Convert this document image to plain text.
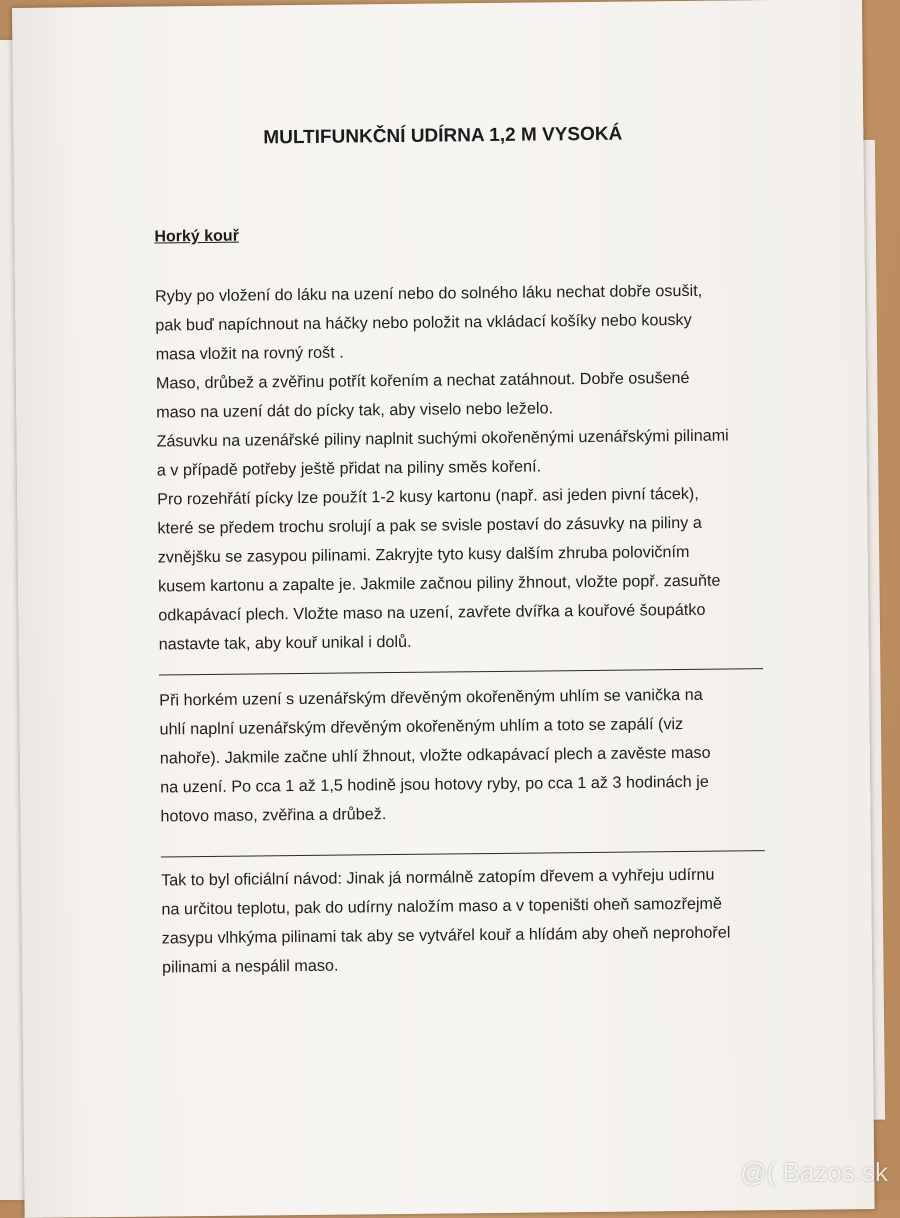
MULTIFUNKČNÍ UDÍRNA 1,2 M VYSOKÁ
Horký kouř

Ryby po vložení do láku na uzení nebo do solného láku nechat dobře osušit,
pak buď napíchnout na háčky nebo položit na vkládací košíky nebo kousky
masa vložit na rovný rošt .
Maso, drůbež a zvěřinu potřít kořením a nechat zatáhnout. Dobře osušené
maso na uzení dát do pícky tak, aby viselo nebo leželo.
Zásuvku na uzenářské piliny naplnit suchými okořeněnými uzenářskými pilinami
a v případě potřeby ještě přidat na piliny směs koření.
Pro rozehřátí pícky lze použít 1-2 kusy kartonu (např. asi jeden pivní tácek),
které se předem trochu srolují a pak se svisle postaví do zásuvky na piliny a
zvnějšku se zasypou pilinami. Zakryjte tyto kusy dalším zhruba polovičním
kusem kartonu a zapalte je. Jakmile začnou piliny žhnout, vložte popř. zasuňte
odkapávací plech. Vložte maso na uzení, zavřete dvířka a kouřové šoupátko
nastavte tak, aby kouř unikal i dolů.

Při horkém uzení s uzenářským dřevěným okořeněným uhlím se vanička na
uhlí naplní uzenářským dřevěným okořeněným uhlím a toto se zapálí (viz
nahoře). Jakmile začne uhlí žhnout, vložte odkapávací plech a zavěste maso
na uzení. Po cca 1 až 1,5 hodině jsou hotovy ryby, po cca 1 až 3 hodinách je
hotovo maso, zvěřina a drůbež.

Tak to byl oficiální návod: Jinak já normálně zatopím dřevem a vyhřeju udírnu
na určitou teplotu, pak do udírny naložím maso a v topeništi oheň samozřejmě
zasypu vlhkýma pilinami tak aby se vytvářel kouř a hlídám aby oheň neprohořel
pilinami a nespálil maso.

@( Bazos.sk
